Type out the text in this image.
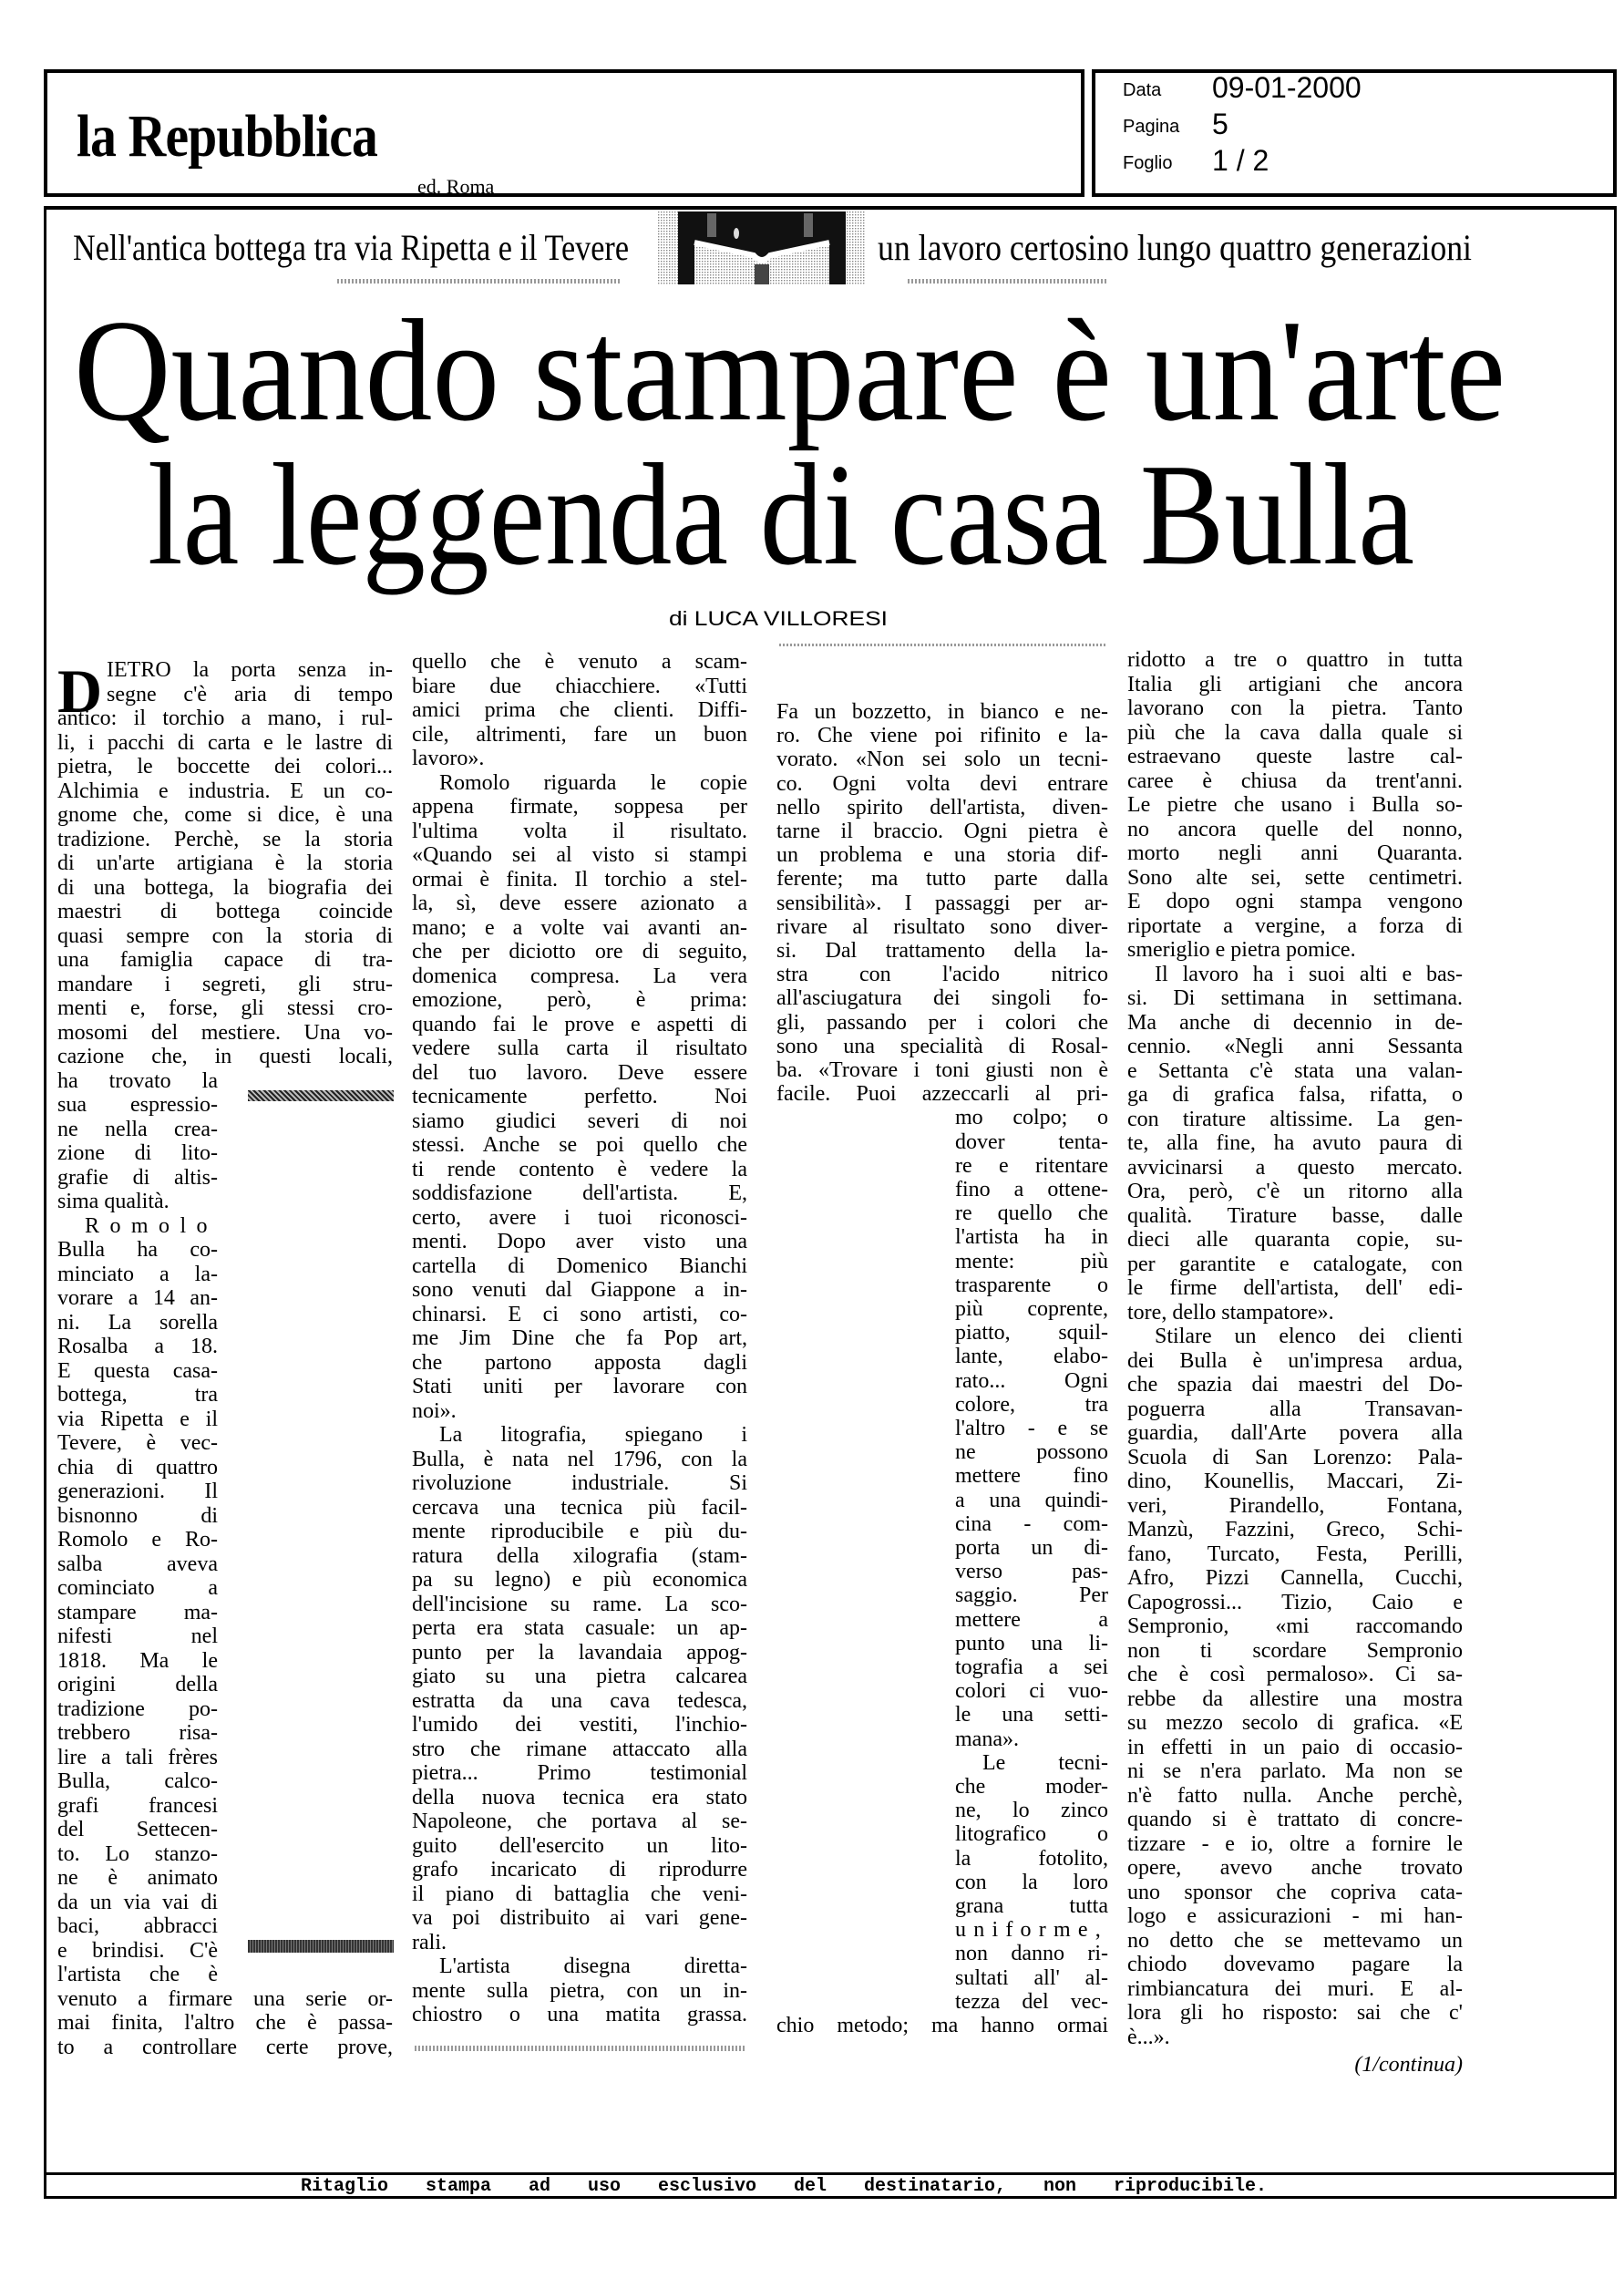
la Repubblica
ed. Roma
Data 09-01-2000
Pagina 5
Foglio 1 / 2
Nell'antica bottega tra via Ripetta e il Tevere	un lavoro certosino lungo quattro generazioni
Quando stampare è un'arte
la leggenda di casa Bulla
di LUCA VILLORESI
D IETRO la porta senza in-
segne c'è aria di tempo
antico: il torchio a mano, i rul-
li, i pacchi di carta e le lastre di
pietra, le boccette dei colori...
Alchimia e industria. E un co-
gnome che, come si dice, è una
tradizione. Perchè, se la storia
di un'arte artigiana è la storia
di una bottega, la biografia dei
maestri di bottega coincide
quasi sempre con la storia di
una famiglia capace di tra-
mandare i segreti, gli stru-
menti e, forse, gli stessi cro-
mosomi del mestiere. Una vo-
cazione che, in questi locali,
ha trovato la
sua espressio-
ne nella crea-
zione di lito-
grafie di altis-
sima qualità.
Romolo
Bulla ha co-
minciato a la-
vorare a 14 an-
ni. La sorella
Rosalba a 18.
E questa casa-
bottega, tra
via Ripetta e il
Tevere, è vec-
chia di quattro
generazioni. Il
bisnonno di
Romolo e Ro-
salba aveva
cominciato a
stampare ma-
nifesti nel
1818. Ma le
origini della
tradizione po-
trebbero risa-
lire a tali frères
Bulla, calco-
grafi francesi
del Settecen-
to. Lo stanzo-
ne è animato
da un via vai di
baci, abbracci
e brindisi. C'è
l'artista che è
venuto a firmare una serie or-
mai finita, l'altro che è passa-
to a controllare certe prove,
quello che è venuto a scam-
biare due chiacchiere. «Tutti
amici prima che clienti. Diffi-
cile, altrimenti, fare un buon
lavoro».
Romolo riguarda le copie
appena firmate, soppesa per
l'ultima volta il risultato.
«Quando sei al visto si stampi
ormai è finita. Il torchio a stel-
la, sì, deve essere azionato a
mano; e a volte vai avanti an-
che per diciotto ore di seguito,
domenica compresa. La vera
emozione, però, è prima:
quando fai le prove e aspetti di
vedere sulla carta il risultato
del tuo lavoro. Deve essere
tecnicamente perfetto. Noi
siamo giudici severi di noi
stessi. Anche se poi quello che
ti rende contento è vedere la
soddisfazione dell'artista. E,
certo, avere i tuoi riconosci-
menti. Dopo aver visto una
cartella di Domenico Bianchi
sono venuti dal Giappone a in-
chinarsi. E ci sono artisti, co-
me Jim Dine che fa Pop art,
che partono apposta dagli
Stati uniti per lavorare con
noi».
La litografia, spiegano i
Bulla, è nata nel 1796, con la
rivoluzione industriale. Si
cercava una tecnica più facil-
mente riproducibile e più du-
ratura della xilografia (stam-
pa su legno) e più economica
dell'incisione su rame. La sco-
perta era stata casuale: un ap-
punto per la lavandaia appog-
giato su una pietra calcarea
estratta da una cava tedesca,
l'umido dei vestiti, l'inchio-
stro che rimane attaccato alla
pietra... Primo testimonial
della nuova tecnica era stato
Napoleone, che portava al se-
guito dell'esercito un lito-
grafo incaricato di riprodurre
il piano di battaglia che veni-
va poi distribuito ai vari gene-
rali.
L'artista disegna diretta-
mente sulla pietra, con un in-
chiostro o una matita grassa.
Fa un bozzetto, in bianco e ne-
ro. Che viene poi rifinito e la-
vorato. «Non sei solo un tecni-
co. Ogni volta devi entrare
nello spirito dell'artista, diven-
tarne il braccio. Ogni pietra è
un problema e una storia dif-
ferente; ma tutto parte dalla
sensibilità». I passaggi per ar-
rivare al risultato sono diver-
si. Dal trattamento della la-
stra con l'acido nitrico
all'asciugatura dei singoli fo-
gli, passando per i colori che
sono una specialità di Rosal-
ba. «Trovare i toni giusti non è
facile. Puoi azzeccarli al pri-
mo colpo; o
dover tenta-
re e ritentare
fino a ottene-
re quello che
l'artista ha in
mente: più
trasparente o
più coprente,
piatto, squil-
lante, elabo-
rato... Ogni
colore, tra
l'altro - e se
ne possono
mettere fino
a una quindi-
cina - com-
porta un di-
verso pas-
saggio. Per
mettere a
punto una li-
tografia a sei
colori ci vuo-
le una setti-
mana».
Le tecni-
che moder-
ne, lo zinco
litografico o
la fotolito,
con la loro
grana tutta
uniforme,
non danno ri-
sultati all' al-
tezza del vec-
chio metodo; ma hanno ormai
ridotto a tre o quattro in tutta
Italia gli artigiani che ancora
lavorano con la pietra. Tanto
più che la cava dalla quale si
estraevano queste lastre cal-
caree è chiusa da trent'anni.
Le pietre che usano i Bulla so-
no ancora quelle del nonno,
morto negli anni Quaranta.
Sono alte sei, sette centimetri.
E dopo ogni stampa vengono
riportate a vergine, a forza di
smeriglio e pietra pomice.
Il lavoro ha i suoi alti e bas-
si. Di settimana in settimana.
Ma anche di decennio in de-
cennio. «Negli anni Sessanta
e Settanta c'è stata una valan-
ga di grafica falsa, rifatta, o
con tirature altissime. La gen-
te, alla fine, ha avuto paura di
avvicinarsi a questo mercato.
Ora, però, c'è un ritorno alla
qualità. Tirature basse, dalle
dieci alle quaranta copie, su-
per garantite e catalogate, con
le firme dell'artista, dell' edi-
tore, dello stampatore».
Stilare un elenco dei clienti
dei Bulla è un'impresa ardua,
che spazia dai maestri del Do-
poguerra alla Transavan-
guardia, dall'Arte povera alla
Scuola di San Lorenzo: Pala-
dino, Kounellis, Maccari, Zi-
veri, Pirandello, Fontana,
Manzù, Fazzini, Greco, Schi-
fano, Turcato, Festa, Perilli,
Afro, Pizzi Cannella, Cucchi,
Capogrossi... Tizio, Caio e
Sempronio, «mi raccomando
non ti scordare Sempronio
che è così permaloso». Ci sa-
rebbe da allestire una mostra
su mezzo secolo di grafica. «E
in effetti in un paio di occasio-
ni se n'era parlato. Ma non se
n'è fatto nulla. Anche perchè,
quando si è trattato di concre-
tizzare - e io, oltre a fornire le
opere, avevo anche trovato
uno sponsor che copriva cata-
logo e assicurazioni - mi han-
no detto che se mettevamo un
chiodo dovevamo pagare la
rimbiancatura dei muri. E al-
lora gli ho risposto: sai che c'
è...».
(1/continua)
Ritaglio stampa ad uso esclusivo del destinatario, non riproducibile.
